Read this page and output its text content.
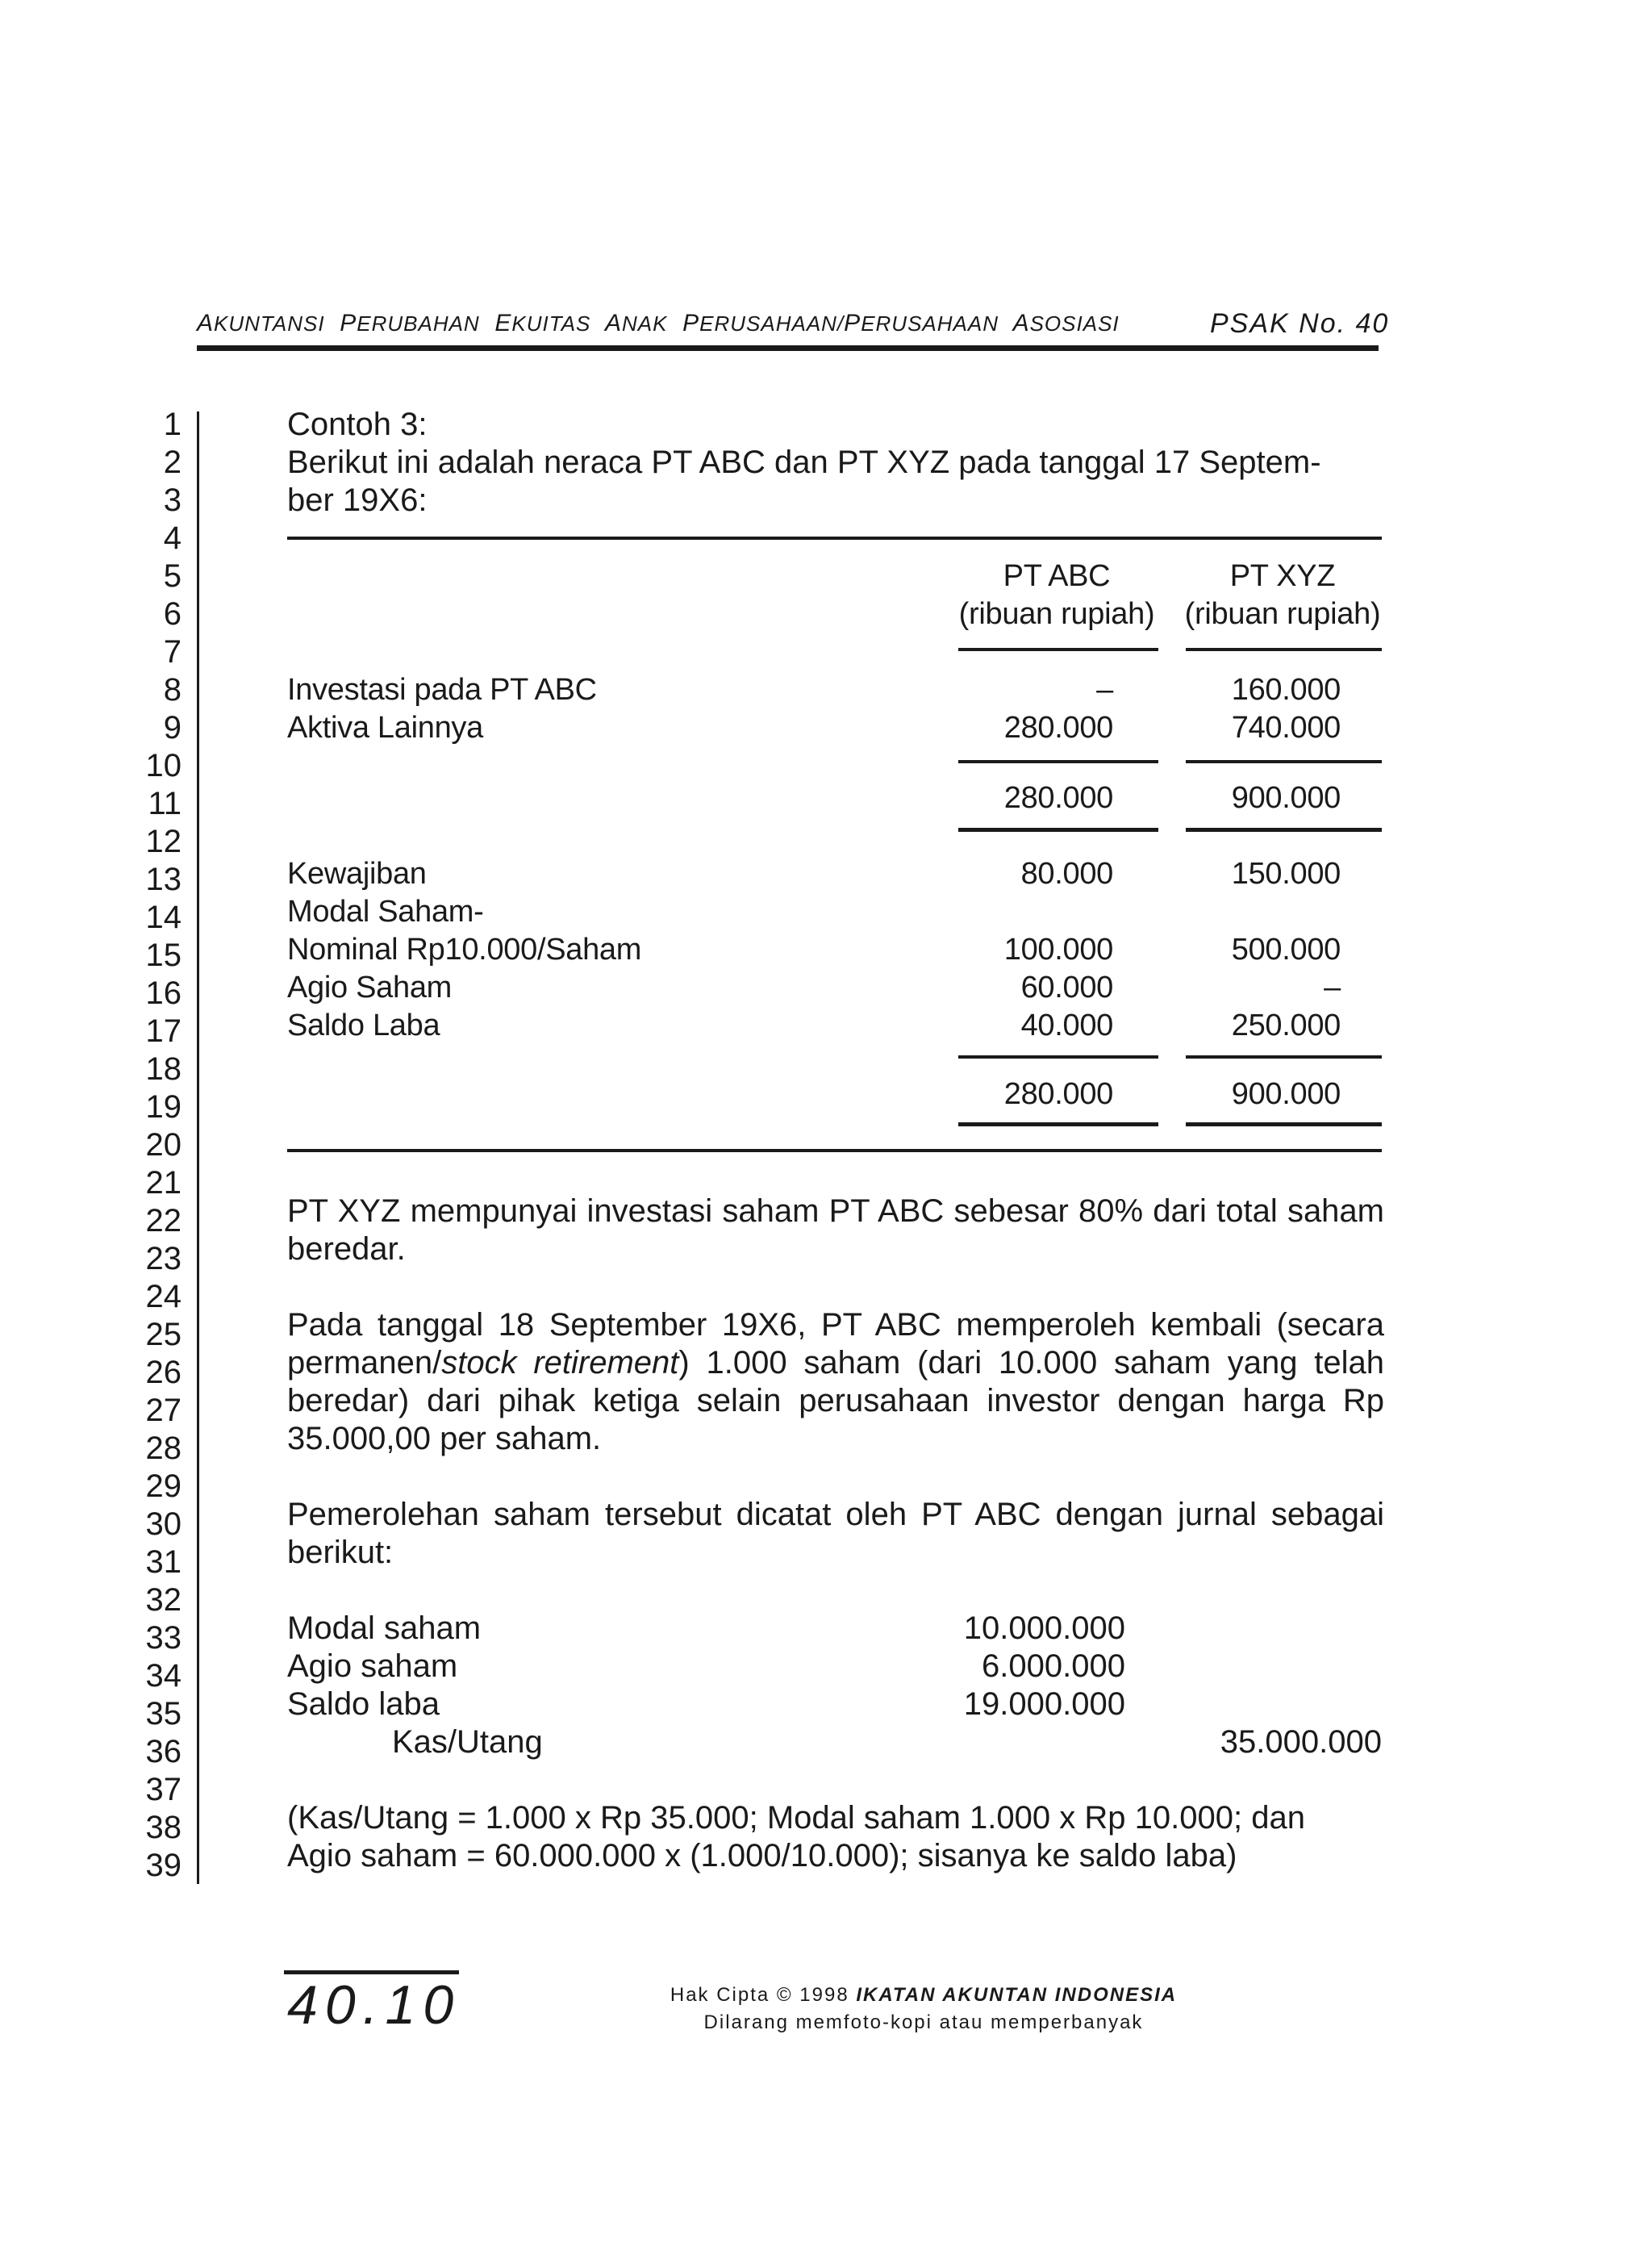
AKUNTANSI PERUBAHAN EKUITAS ANAK PERUSAHAAN/PERUSAHAAN ASOSIASI	PSAK No. 40
1
2
3
4
5
6
7
8
9
10
11
12
13
14
15
16
17
18
19
20
21
22
23
24
25
26
27
28
29
30
31
32
33
34
35
36
37
38
39
Contoh 3:
Berikut ini adalah neraca PT ABC dan PT XYZ pada tanggal 17 Septem-
ber 19X6:
PT ABC	PT XYZ
(ribuan rupiah) (ribuan rupiah)
Investasi pada PT ABC	–	160.000
Aktiva Lainnya	280.000	740.000
280.000	900.000
Kewajiban	80.000	150.000
Modal Saham-
Nominal Rp10.000/Saham	100.000	500.000
Agio Saham	60.000	–
Saldo Laba	40.000	250.000
280.000	900.000
PT XYZ mempunyai investasi saham PT ABC sebesar 80% dari total saham beredar.
Pada tanggal 18 September 19X6, PT ABC memperoleh kembali (secara permanen/stock retirement) 1.000 saham (dari 10.000 saham yang telah beredar) dari pihak ketiga selain perusahaan investor dengan harga Rp 35.000,00 per saham.
Pemerolehan saham tersebut dicatat oleh PT ABC dengan jurnal sebagai berikut:
Modal saham	10.000.000
Agio saham	6.000.000
Saldo laba	19.000.000
Kas/Utang	35.000.000
(Kas/Utang = 1.000 x Rp 35.000; Modal saham 1.000 x Rp 10.000; dan
Agio saham = 60.000.000 x (1.000/10.000); sisanya ke saldo laba)
40.10	Hak Cipta © 1998 IKATAN AKUNTAN INDONESIA
Dilarang memfoto-kopi atau memperbanyak
